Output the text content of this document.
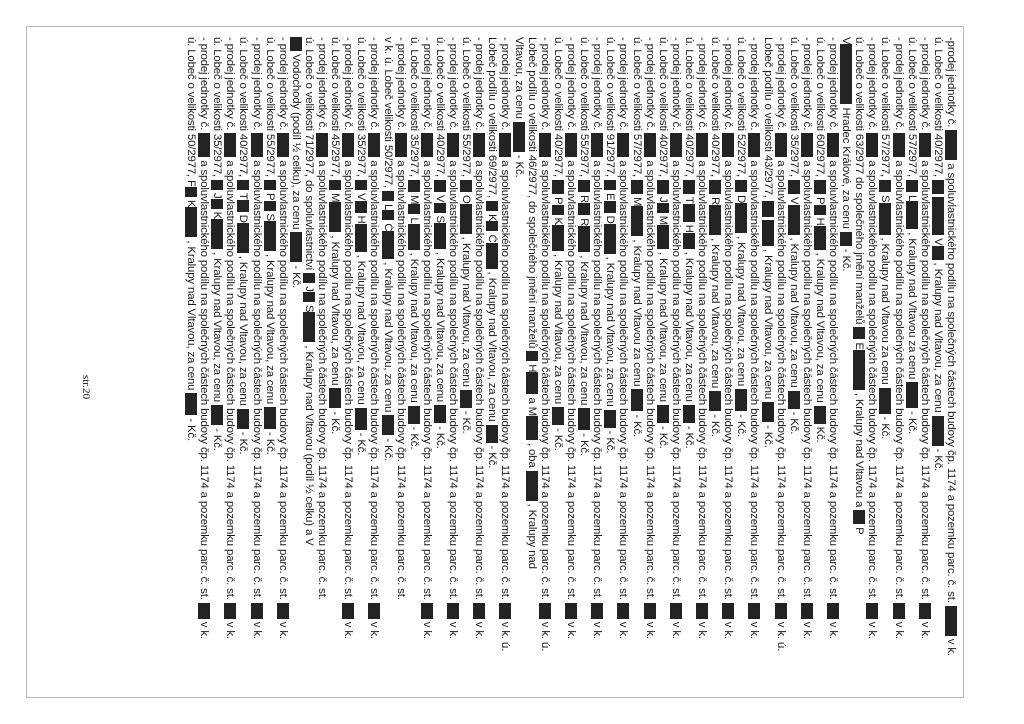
str.20
-prodej jednotky č.  a spoluvlastnického podílu na společných částech budovy čp. 1174 a pozemku parc. č. st.  v k.
ú. Lobeč o velikosti 40/2977,   V , Kralupy nad Vltavou, za cenu  - Kč.
- prodej jednotky č.  a spoluvlastnického podílu na společných částech budovy čp. 1174 a pozemku parc. č. st.  v k.
ú. Lobeč o velikosti 57/2977,  L , Kralupy nad Vltavou za cenu  - Kč.
- prodej jednotky č.  a spoluvlastnického podílu na společných částech budovy čp. 1174 a pozemku parc. č. st.  v k.
ú. Lobeč o velikosti 57/2977,  S , Kralupy nad Vltavou za cenu  - Kč.
- prodej jednotky č.  a spoluvlastnického podílu na společných částech budovy čp. 1174 a pozemku parc. č. st.  v k.
ú. Lobeč o velikosti 63/2977 do společného jmění manželů  E , Kralupy nad Vltavou a  P
V Hradec Králové, za cenu  - Kč.
- prodej jednotky č.  a spoluvlastnického podílu na společných částech budovy čp. 1174 a pozemku parc. č. st.  v k.
ú. Lobeč o velikosti 60/2977,  P H , Kralupy nad Vltavou, za cenu  Kč.
- prodej jednotky č.  a spoluvlastnického podílu na společných částech budovy čp. 1174 a pozemku parc. č. st.  v k.
ú. Lobeč o velikosti 35/2977,  V , Kralupy nad Vltavou, za cenu  - Kč.
- prodej jednotky č.  a spoluvlastnického podílu na společných částech budovy čp. 1174 a pozemku parc. č. st.  v k. ú.
Lobeč podílu o velikosti 43/2977,   , Kralupy nad Vltavou, za cenu  - Kč.
- prodej jednotky č.  a spoluvlastnického podílu na společných částech budovy čp. 1174 a pozemku parc. č. st.  v k.
ú. Lobeč o velikosti 52/2977,  D , Kralupy nad Vltavou, za cenu  - Kč.
- prodej jednotky č.  a spoluvlastnického podílu na společných částech budovy čp. 1174 a pozemku parc. č. st.  v k.
ú. Lobeč o velikosti 40/2977,  R , Kralupy nad Vltavou, za cenu  - Kč.
- prodej jednotky č.  a spoluvlastnického podílu na společných částech budovy čp. 1174 a pozemku parc. č. st.  v k.
ú. Lobeč o velikosti 40/2977,  T H , Kralupy nad Vltavou, za cenu  - Kč.
- prodej jednotky č.  a spoluvlastnického podílu na společných částech budovy čp. 1174 a pozemku parc. č. st.  v k.
ú. Lobeč o velikosti 40/2977,  J M , Kralupy nad Vltavou, za cenu  - Kč.
- prodej jednotky č.  a spoluvlastnického podílu na společných částech budovy čp. 1174 a pozemku parc. č. st.  v k.
ú. Lobeč o velikosti 57/2977,  M , Kralupy nad Vltavou za cenu  - Kč.
- prodej jednotky č.  a spoluvlastnického podílu na společných částech budovy čp. 1174 a pozemku parc. č. st.  v k.
ú. Lobeč o velikosti 91/2977,  E D , Kralupy nad Vltavou, za cenu  - Kč.
- prodej jednotky č.  a spoluvlastnického podílu na společných částech budovy čp. 1174 a pozemku parc. č. st.  v k.
ú. Lobeč o velikosti 55/2977,  R R , Kralupy nad Vltavou, za cenu  - Kč.
- prodej jednotky č.  a spoluvlastnického podílu na společných částech budovy čp. 1174 a pozemku parc. č. st.  v k.
ú. Lobeč o velikosti 40/2977,  P K , Kralupy nad Vltavou, za cenu  - Kč.
- prodej jednotky č.  a spoluvlastnického podílu na společných částech budovy čp. 1174 a pozemku parc. č. st.  v k. ú.
Lobeč podílu o velikosti 46/2977, do společného jmění manželů  H a M , oba  , Kralupy nad
Vltavou, za cenu  - Kč.
- prodej jednotky č.  a spoluvlastnického podílu na společných částech budovy čp. 1174 a pozemku parc. č. st.  v k. ú.
Lobeč podílu o velikosti 69/2977,  K Č , Kralupy nad Vltavou, za cenu  - Kč.
- prodej jednotky č.  a spoluvlastnického podílu na společných částech budovy čp. 1174 a pozemku parc. č. st.  v k.
ú. Lobeč o velikosti 55/2977,  O , Kralupy nad Vltavou, za cenu  - Kč.
- prodej jednotky č.  a spoluvlastnického podílu na společných částech budovy čp. 1174 a pozemku parc. č. st.  v k.
ú. Lobeč o velikosti 40/2977,  V S , Kralupy nad Vltavou, za cenu  - Kč.
- prodej jednotky č.  a spoluvlastnického podílu na společných částech budovy čp. 1174 a pozemku parc. č. st.  v k.
ú. Lobeč o velikosti 35/2977,  M L , Kralupy nad Vltavou, za cenu  - Kč.
- prodej jednotky č.  a spoluvlastnického podílu na společných částech budovy čp. 1174 a pozemku parc. č. st.
v k. ú. Lobeč velikosti 50/2977,  L Č , Kralupy nad Vltavou, za cenu  - Kč.
- prodej jednotky č.  a spoluvlastnického podílu na společných částech budovy čp. 1174 a pozemku parc. č. st.  v k.
ú. Lobeč o velikosti 35/2977,  V H , Kralupy nad Vltavou, za cenu  - Kč.
- prodej jednotky č.  a spoluvlastnického podílu na společných částech budovy čp. 1174 a pozemku parc. č. st.  v k.
ú. Lobeč o velikosti 45/2977,  M , Kralupy nad Vltavou, za cenu  - Kč.
- prodej jednotky č.  a spoluvlastnického podílu na společných částech budovy čp. 1174 a pozemku parc. č. st.
ú. Lobeč o velikosti 71/2977, do spoluvlastnictví  J S , Kralupy nad Vltavou (podíl ½ celku) a V
Vodochody (podíl ½ celku), za cenu  - Kč.
- prodej jednotky č.  a spoluvlastnického podílu na společných částech budovy čp. 1174 a pozemku parc. č. st.  v k.
ú. Lobeč o velikosti 55/2977,  P S , Kralupy nad Vltavou, za cenu  - Kč.
- prodej jednotky č.  a spoluvlastnického podílu na společných částech budovy čp. 1174 a pozemku parc. č. st.  v k.
ú. Lobeč o velikosti 40/2977,  T D , Kralupy nad Vltavou, za cenu  - Kč.
- prodej jednotky č.  a spoluvlastnického podílu na společných částech budovy čp. 1174 a pozemku parc. č. st.  v k.
ú. Lobeč o velikosti 35/2977,  J K , Kralupy nad Vltavou, za cenu  - Kč.
- prodej jednotky č.  a spoluvlastnického podílu na společných částech budovy čp. 1174 a pozemku parc. č. st.  v k.
ú. Lobeč o velikosti 50/2977, F K , Kralupy nad Vltavou, za cenu  - Kč.
